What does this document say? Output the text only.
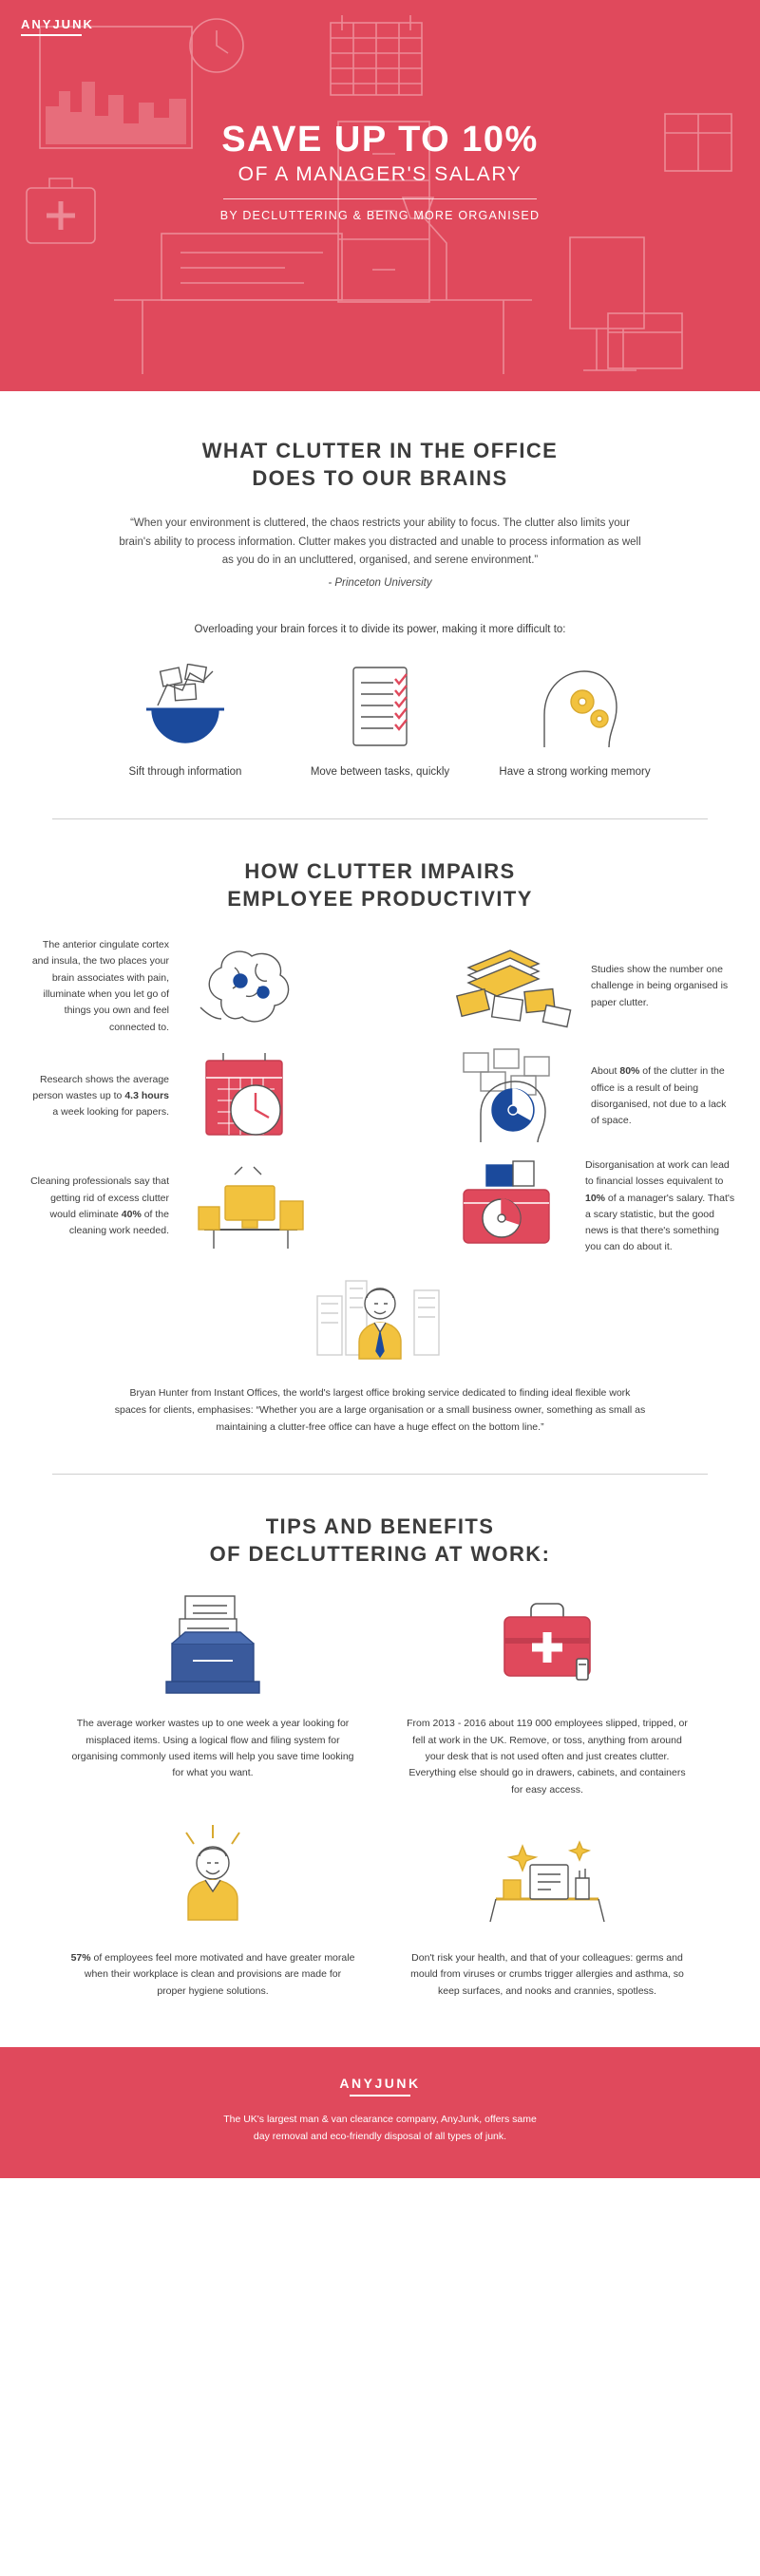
ANYJUNK
SAVE UP TO 10%
OF A MANAGER'S SALARY
BY DECLUTTERING & BEING MORE ORGANISED
WHAT CLUTTER IN THE OFFICE
DOES TO OUR BRAINS
“When your environment is cluttered, the chaos restricts your ability to focus. The clutter also limits your brain's ability to process information. Clutter makes you distracted and unable to process information as well as you do in an uncluttered, organised, and serene environment.”
- Princeton University
Overloading your brain forces it to divide its power, making it more difficult to:
Sift through information	Move between tasks, quickly	Have a strong working memory
HOW CLUTTER IMPAIRS
EMPLOYEE PRODUCTIVITY
The anterior cingulate cortex and insula, the two places your brain associates with pain, illuminate when you let go of things you own and feel connected to.
Studies show the number one challenge in being organised is paper clutter.
Research shows the average person wastes up to 4.3 hours a week looking for papers.
About 80% of the clutter in the office is a result of being disorganised, not due to a lack of space.
Cleaning professionals say that getting rid of excess clutter would eliminate 40% of the cleaning work needed.
Disorganisation at work can lead to financial losses equivalent to 10% of a manager's salary. That's a scary statistic, but the good news is that there's something you can do about it.
Bryan Hunter from Instant Offices, the world's largest office broking service dedicated to finding ideal flexible work spaces for clients, emphasises: “Whether you are a large organisation or a small business owner, something as small as maintaining a clutter-free office can have a huge effect on the bottom line.”
TIPS AND BENEFITS
OF DECLUTTERING AT WORK:
The average worker wastes up to one week a year looking for misplaced items. Using a logical flow and filing system for organising commonly used items will help you save time looking for what you want.
From 2013 - 2016 about 119 000 employees slipped, tripped, or fell at work in the UK. Remove, or toss, anything from around your desk that is not used often and just creates clutter. Everything else should go in drawers, cabinets, and containers for easy access.
57% of employees feel more motivated and have greater morale when their workplace is clean and provisions are made for proper hygiene solutions.
Don't risk your health, and that of your colleagues: germs and mould from viruses or crumbs trigger allergies and asthma, so keep surfaces, and nooks and crannies, spotless.
ANYJUNK

The UK's largest man & van clearance company, AnyJunk, offers same
day removal and eco-friendly disposal of all types of junk.
